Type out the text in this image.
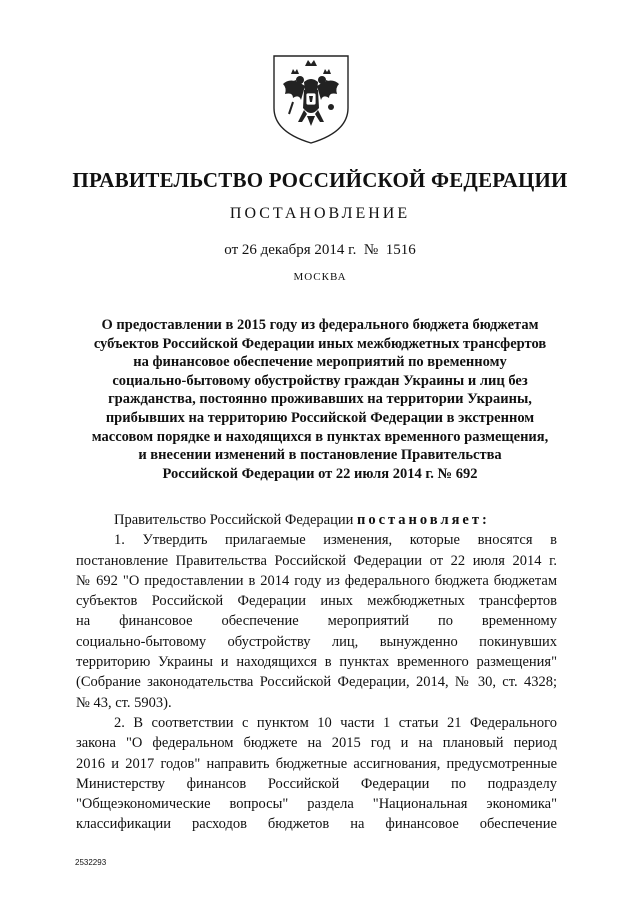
ПРАВИТЕЛЬСТВО РОССИЙСКОЙ ФЕДЕРАЦИИ
ПОСТАНОВЛЕНИЕ
от 26 декабря 2014 г. № 1516
МОСКВА
О предоставлении в 2015 году из федерального бюджета бюджетам
субъектов Российской Федерации иных межбюджетных трансфертов
на финансовое обеспечение мероприятий по временному
социально-бытовому обустройству граждан Украины и лиц без
гражданства, постоянно проживавших на территории Украины,
прибывших на территорию Российской Федерации в экстренном
массовом порядке и находящихся в пунктах временного размещения,
и внесении изменений в постановление Правительства
Российской Федерации от 22 июля 2014 г. № 692
Правительство Российской Федерации постановляет:
1. Утвердить прилагаемые изменения, которые вносятся в
постановление Правительства Российской Федерации от 22 июля 2014 г.
№ 692 "О предоставлении в 2014 году из федерального бюджета бюджетам
субъектов Российской Федерации иных межбюджетных трансфертов
на финансовое обеспечение мероприятий по временному
социально-бытовому обустройству лиц, вынужденно покинувших
территорию Украины и находящихся в пунктах временного размещения"
(Собрание законодательства Российской Федерации, 2014, № 30, ст. 4328;
№ 43, ст. 5903).
2. В соответствии с пунктом 10 части 1 статьи 21 Федерального
закона "О федеральном бюджете на 2015 год и на плановый период
2016 и 2017 годов" направить бюджетные ассигнования, предусмотренные
Министерству финансов Российской Федерации по подразделу
"Общеэкономические вопросы" раздела "Национальная экономика"
классификации расходов бюджетов на финансовое обеспечение
2532293
